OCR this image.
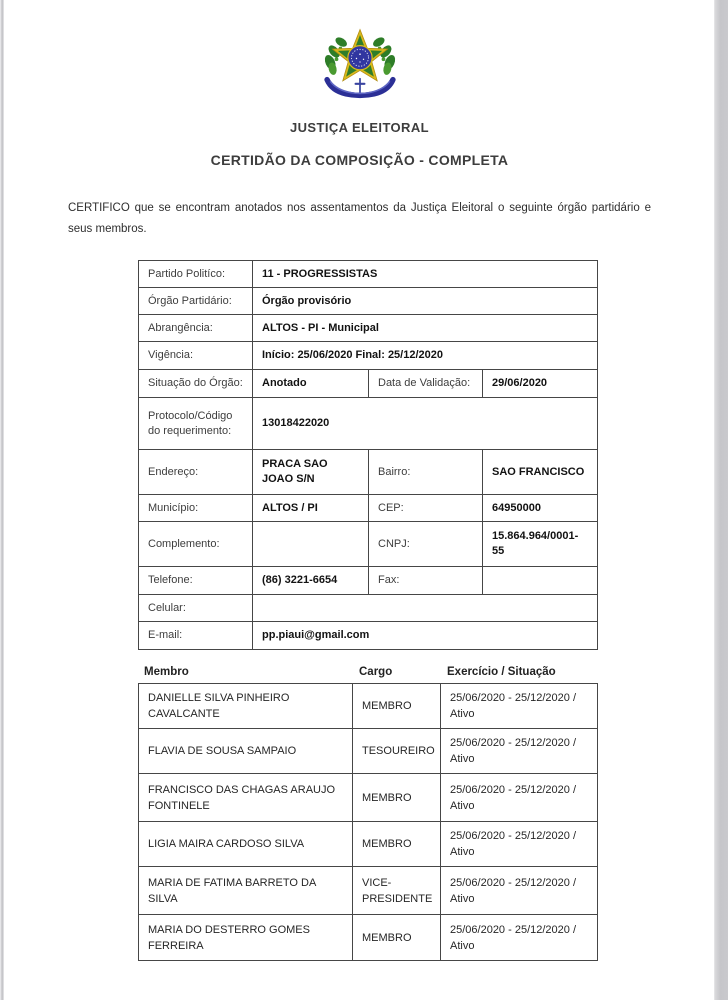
JUSTIÇA ELEITORAL
CERTIDÃO DA COMPOSIÇÃO - COMPLETA

CERTIFICO que se encontram anotados nos assentamentos da Justiça Eleitoral o seguinte órgão partidário e seus membros.

Partido Politíco:	11 - PROGRESSISTAS		
Órgão Partidário:	Órgão provisório		
Abrangência:	ALTOS - PI - Municipal		
Vigência:	Início: 25/06/2020 Final: 25/12/2020		
Situação do Órgão:	Anotado	Data de Validação:	29/06/2020
Protocolo/Código do requerimento:	13018422020		
Endereço:	PRACA SAO JOAO S/N	Bairro:	SAO FRANCISCO
Município:	ALTOS / PI	CEP:	64950000
Complemento:		CNPJ:	15.864.964/0001-55
Telefone:	(86) 3221-6654	Fax:	
Celular:			
E-mail:	pp.piaui@gmail.com		
Membro	Cargo	Exercício / Situação
DANIELLE SILVA PINHEIRO CAVALCANTE	MEMBRO	25/06/2020 - 25/12/2020 / Ativo
FLAVIA DE SOUSA SAMPAIO	TESOUREIRO	25/06/2020 - 25/12/2020 / Ativo
FRANCISCO DAS CHAGAS ARAUJO FONTINELE	MEMBRO	25/06/2020 - 25/12/2020 / Ativo
LIGIA MAIRA CARDOSO SILVA	MEMBRO	25/06/2020 - 25/12/2020 / Ativo
MARIA DE FATIMA BARRETO DA SILVA	VICE-PRESIDENTE	25/06/2020 - 25/12/2020 / Ativo
MARIA DO DESTERRO GOMES FERREIRA	MEMBRO	25/06/2020 - 25/12/2020 / Ativo
